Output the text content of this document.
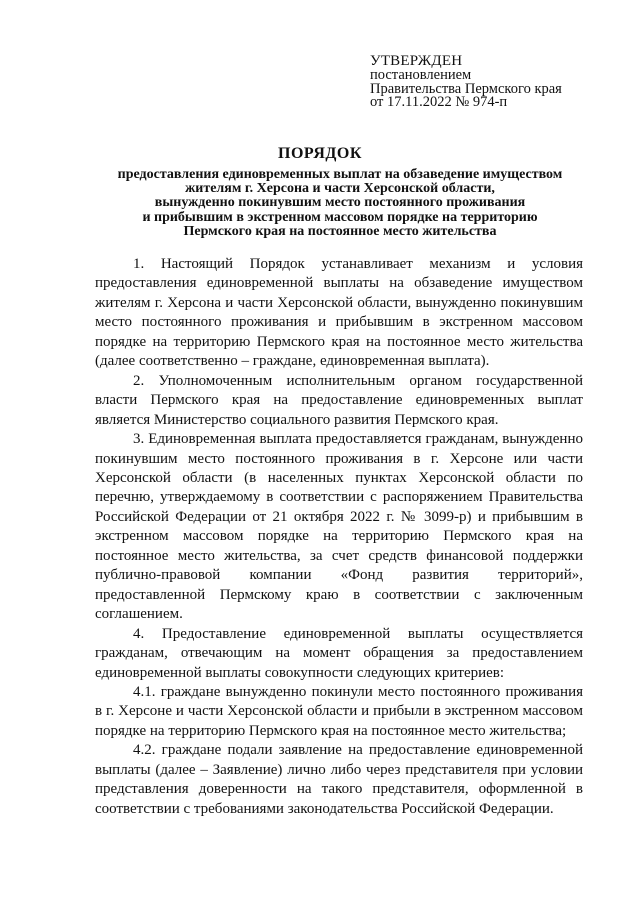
УТВЕРЖДЕН
постановлением
Правительства Пермского края
от 17.11.2022 № 974-п
ПОРЯДОК
предоставления единовременных выплат на обзаведение имуществом
жителям г. Херсона и части Херсонской области,
вынужденно покинувшим место постоянного проживания
и прибывшим в экстренном массовом порядке на территорию
Пермского края на постоянное место жительства

1. Настоящий Порядок устанавливает механизм и условия предоставления единовременной выплаты на обзаведение имуществом жителям г. Херсона и части Херсонской области, вынужденно покинувшим место постоянного проживания и прибывшим в экстренном массовом порядке на территорию Пермского края на постоянное место жительства (далее соответственно – граждане, единовременная выплата).

2. Уполномоченным исполнительным органом государственной власти Пермского края на предоставление единовременных выплат является Министерство социального развития Пермского края.

3. Единовременная выплата предоставляется гражданам, вынужденно покинувшим место постоянного проживания в г. Херсоне или части Херсонской области (в населенных пунктах Херсонской области по перечню, утверждаемому в соответствии с распоряжением Правительства Российской Федерации от 21 октября 2022 г. № 3099-р) и прибывшим в экстренном массовом порядке на территорию Пермского края на постоянное место жительства, за счет средств финансовой поддержки публично-правовой компании «Фонд развития территорий», предоставленной Пермскому краю в соответствии с заключенным соглашением.

4. Предоставление единовременной выплаты осуществляется гражданам, отвечающим на момент обращения за предоставлением единовременной выплаты совокупности следующих критериев:

4.1. граждане вынужденно покинули место постоянного проживания в г. Херсоне и части Херсонской области и прибыли в экстренном массовом порядке на территорию Пермского края на постоянное место жительства;

4.2. граждане подали заявление на предоставление единовременной выплаты (далее – Заявление) лично либо через представителя при условии представления доверенности на такого представителя, оформленной в соответствии с требованиями законодательства Российской Федерации.
